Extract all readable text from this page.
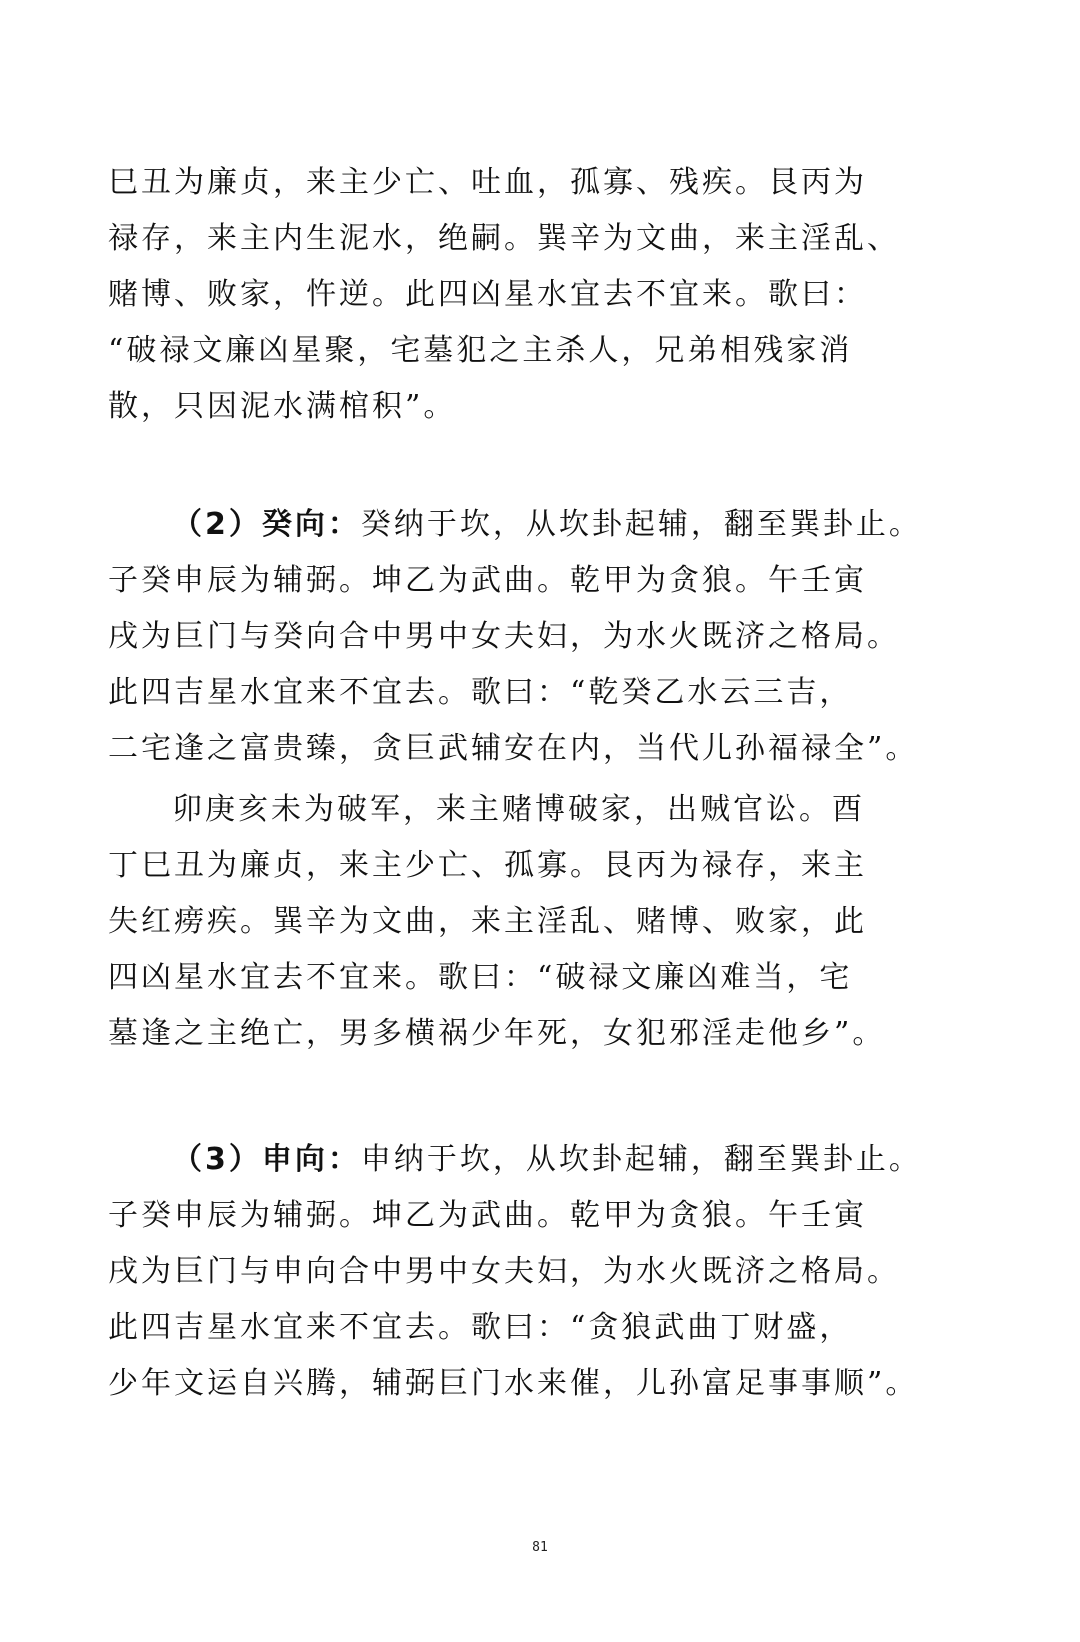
巳丑为廉贞，来主少亡、吐血，孤寡、残疾。艮丙为
禄存，来主内生泥水，绝嗣。巽辛为文曲，来主淫乱、
赌博、败家，忤逆。此四凶星水宜去不宜来。歌曰：
“破禄文廉凶星聚，宅墓犯之主杀人，兄弟相残家消
散，只因泥水满棺积”。
（2）癸向：癸纳于坎，从坎卦起辅，翻至巽卦止。
子癸申辰为辅弼。坤乙为武曲。乾甲为贪狼。午壬寅
戌为巨门与癸向合中男中女夫妇，为水火既济之格局。
此四吉星水宜来不宜去。歌曰：“乾癸乙水云三吉，
二宅逢之富贵臻，贪巨武辅安在内，当代儿孙福禄全”。
卯庚亥未为破军，来主赌博破家，出贼官讼。酉
丁巳丑为廉贞，来主少亡、孤寡。艮丙为禄存，来主
失红痨疾。巽辛为文曲，来主淫乱、赌博、败家，此
四凶星水宜去不宜来。歌曰：“破禄文廉凶难当，宅
墓逢之主绝亡，男多横祸少年死，女犯邪淫走他乡”。
（3）申向：申纳于坎，从坎卦起辅，翻至巽卦止。
子癸申辰为辅弼。坤乙为武曲。乾甲为贪狼。午壬寅
戌为巨门与申向合中男中女夫妇，为水火既济之格局。
此四吉星水宜来不宜去。歌曰：“贪狼武曲丁财盛，
少年文运自兴腾，辅弼巨门水来催，儿孙富足事事顺”。
81
